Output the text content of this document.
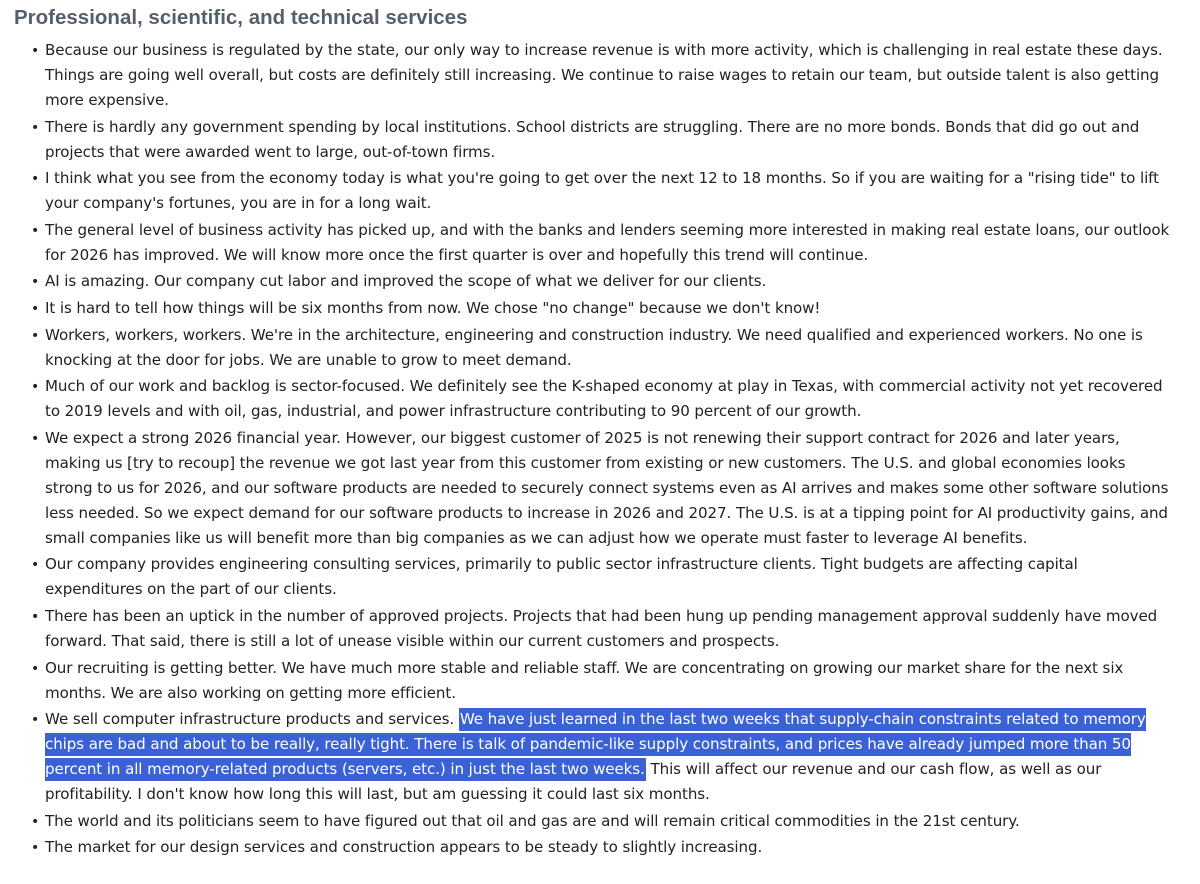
Professional, scientific, and technical services
• Because our business is regulated by the state, our only way to increase revenue is with more activity, which is challenging in real estate these days. Things are going well overall, but costs are definitely still increasing. We continue to raise wages to retain our team, but outside talent is also getting more expensive.
• There is hardly any government spending by local institutions. School districts are struggling. There are no more bonds. Bonds that did go out and projects that were awarded went to large, out-of-town firms.
• I think what you see from the economy today is what you're going to get over the next 12 to 18 months. So if you are waiting for a "rising tide" to lift your company's fortunes, you are in for a long wait.
• The general level of business activity has picked up, and with the banks and lenders seeming more interested in making real estate loans, our outlook for 2026 has improved. We will know more once the first quarter is over and hopefully this trend will continue.
• AI is amazing. Our company cut labor and improved the scope of what we deliver for our clients.
• It is hard to tell how things will be six months from now. We chose "no change" because we don't know!
• Workers, workers, workers. We're in the architecture, engineering and construction industry. We need qualified and experienced workers. No one is knocking at the door for jobs. We are unable to grow to meet demand.
• Much of our work and backlog is sector-focused. We definitely see the K-shaped economy at play in Texas, with commercial activity not yet recovered to 2019 levels and with oil, gas, industrial, and power infrastructure contributing to 90 percent of our growth.
• We expect a strong 2026 financial year. However, our biggest customer of 2025 is not renewing their support contract for 2026 and later years, making us [try to recoup] the revenue we got last year from this customer from existing or new customers. The U.S. and global economies looks strong to us for 2026, and our software products are needed to securely connect systems even as AI arrives and makes some other software solutions less needed. So we expect demand for our software products to increase in 2026 and 2027. The U.S. is at a tipping point for AI productivity gains, and small companies like us will benefit more than big companies as we can adjust how we operate must faster to leverage AI benefits.
• Our company provides engineering consulting services, primarily to public sector infrastructure clients. Tight budgets are affecting capital expenditures on the part of our clients.
• There has been an uptick in the number of approved projects. Projects that had been hung up pending management approval suddenly have moved forward. That said, there is still a lot of unease visible within our current customers and prospects.
• Our recruiting is getting better. We have much more stable and reliable staff. We are concentrating on growing our market share for the next six months. We are also working on getting more efficient.
• We sell computer infrastructure products and services. We have just learned in the last two weeks that supply-chain constraints related to memory chips are bad and about to be really, really tight. There is talk of pandemic-like supply constraints, and prices have already jumped more than 50 percent in all memory-related products (servers, etc.) in just the last two weeks. This will affect our revenue and our cash flow, as well as our profitability. I don't know how long this will last, but am guessing it could last six months.
• The world and its politicians seem to have figured out that oil and gas are and will remain critical commodities in the 21st century.
• The market for our design services and construction appears to be steady to slightly increasing.
